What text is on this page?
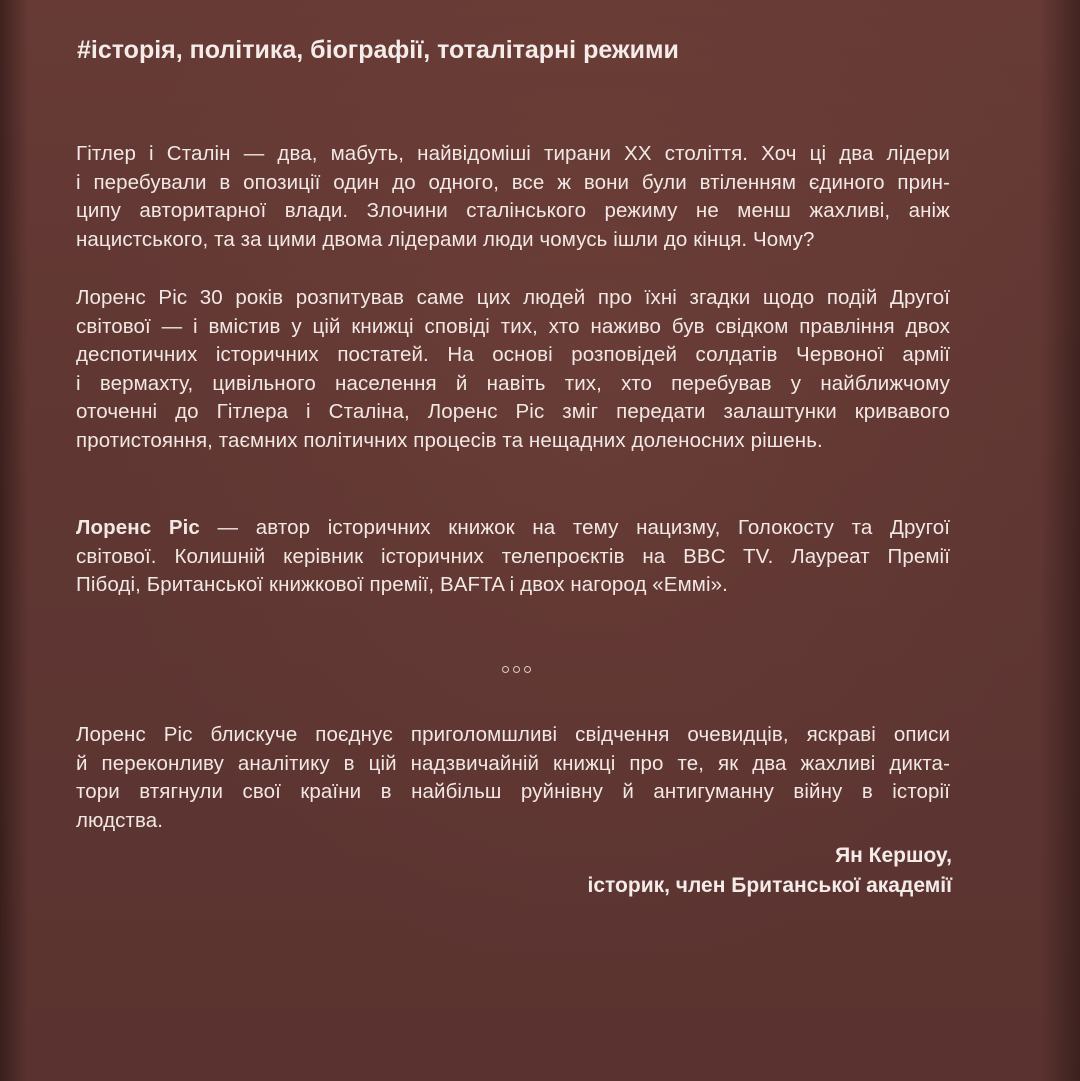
#історія, політика, біографії, тоталітарні режими
Гітлер і Сталін — два, мабуть, найвідоміші тирани XX століття. Хоч ці два лідери
і перебували в опозиції один до одного, все ж вони були втіленням єдиного прин-
ципу авторитарної влади. Злочини сталінського режиму не менш жахливі, аніж
нацистського, та за цими двома лідерами люди чомусь ішли до кінця. Чому?
Лоренс Ріс 30 років розпитував саме цих людей про їхні згадки щодо подій Другої
світової — і вмістив у цій книжці сповіді тих, хто наживо був свідком правління двох
деспотичних історичних постатей. На основі розповідей солдатів Червоної армії
і вермахту, цивільного населення й навіть тих, хто перебував у найближчому
оточенні до Гітлера і Сталіна, Лоренс Ріс зміг передати залаштунки кривавого
протистояння, таємних політичних процесів та нещадних доленосних рішень.
Лоренс Ріс — автор історичних книжок на тему нацизму, Голокосту та Другої
світової. Колишній керівник історичних телепроєктів на BBC TV. Лауреат Премії
Пібоді, Британської книжкової премії, BAFTA і двох нагород «Еммі».
Лоренс Ріс блискуче поєднує приголомшливі свідчення очевидців, яскраві описи
й переконливу аналітику в цій надзвичайній книжці про те, як два жахливі дикта-
тори втягнули свої країни в найбільш руйнівну й антигуманну війну в історії
людства.
Ян Кершоу,
історик, член Британської академії
